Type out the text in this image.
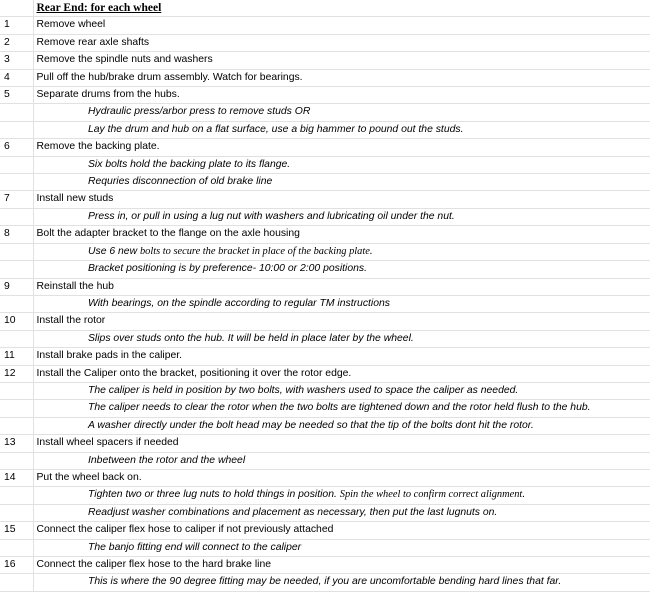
	Rear End: for each wheel	
1	Remove wheel	
2	Remove rear axle shafts	
3	Remove the spindle nuts and washers	
4	Pull off the hub/brake drum assembly. Watch for bearings.	
5	Separate drums from the hubs.	
		Hydraulic press/arbor press to remove studs OR
		Lay the drum and hub on a flat surface, use a big hammer to pound out the studs.
6	Remove the backing plate.	
		Six bolts hold the backing plate to its flange.
		Requries disconnection of old brake line
7	Install new studs	
		Press in, or pull in using a lug nut with washers and lubricating oil under the nut.
8	Bolt the adapter bracket to the flange on the axle housing	
		Use 6 new bolts to secure the bracket in place of the backing plate.
		Bracket positioning is by preference- 10:00 or 2:00 positions.
9	Reinstall the hub	
		With bearings, on the spindle according to regular TM instructions
10	Install the rotor	
		Slips over studs onto the hub. It will be held in place later by the wheel.
11	Install brake pads in the caliper.	
12	Install the Caliper onto the bracket, positioning it over the rotor edge.	
		The caliper is held in position by two bolts, with washers used to space the caliper as needed.
		The caliper needs to clear the rotor when the two bolts are tightened down and the rotor held flush to the hub.
		A washer directly under the bolt head may be needed so that the tip of the bolts dont hit the rotor.
13	Install wheel spacers if needed	
		Inbetween the rotor and the wheel
14	Put the wheel back on.	
		Tighten two or three lug nuts to hold things in position. Spin the wheel to confirm correct alignment.
		Readjust washer combinations and placement as necessary, then put the last lugnuts on.
15	Connect the caliper flex hose to caliper if not previously attached	
		The banjo fitting end will connect to the caliper
16	Connect the caliper flex hose to the hard brake line	
		This is where the 90 degree fitting may be needed, if you are uncomfortable bending hard lines that far.
